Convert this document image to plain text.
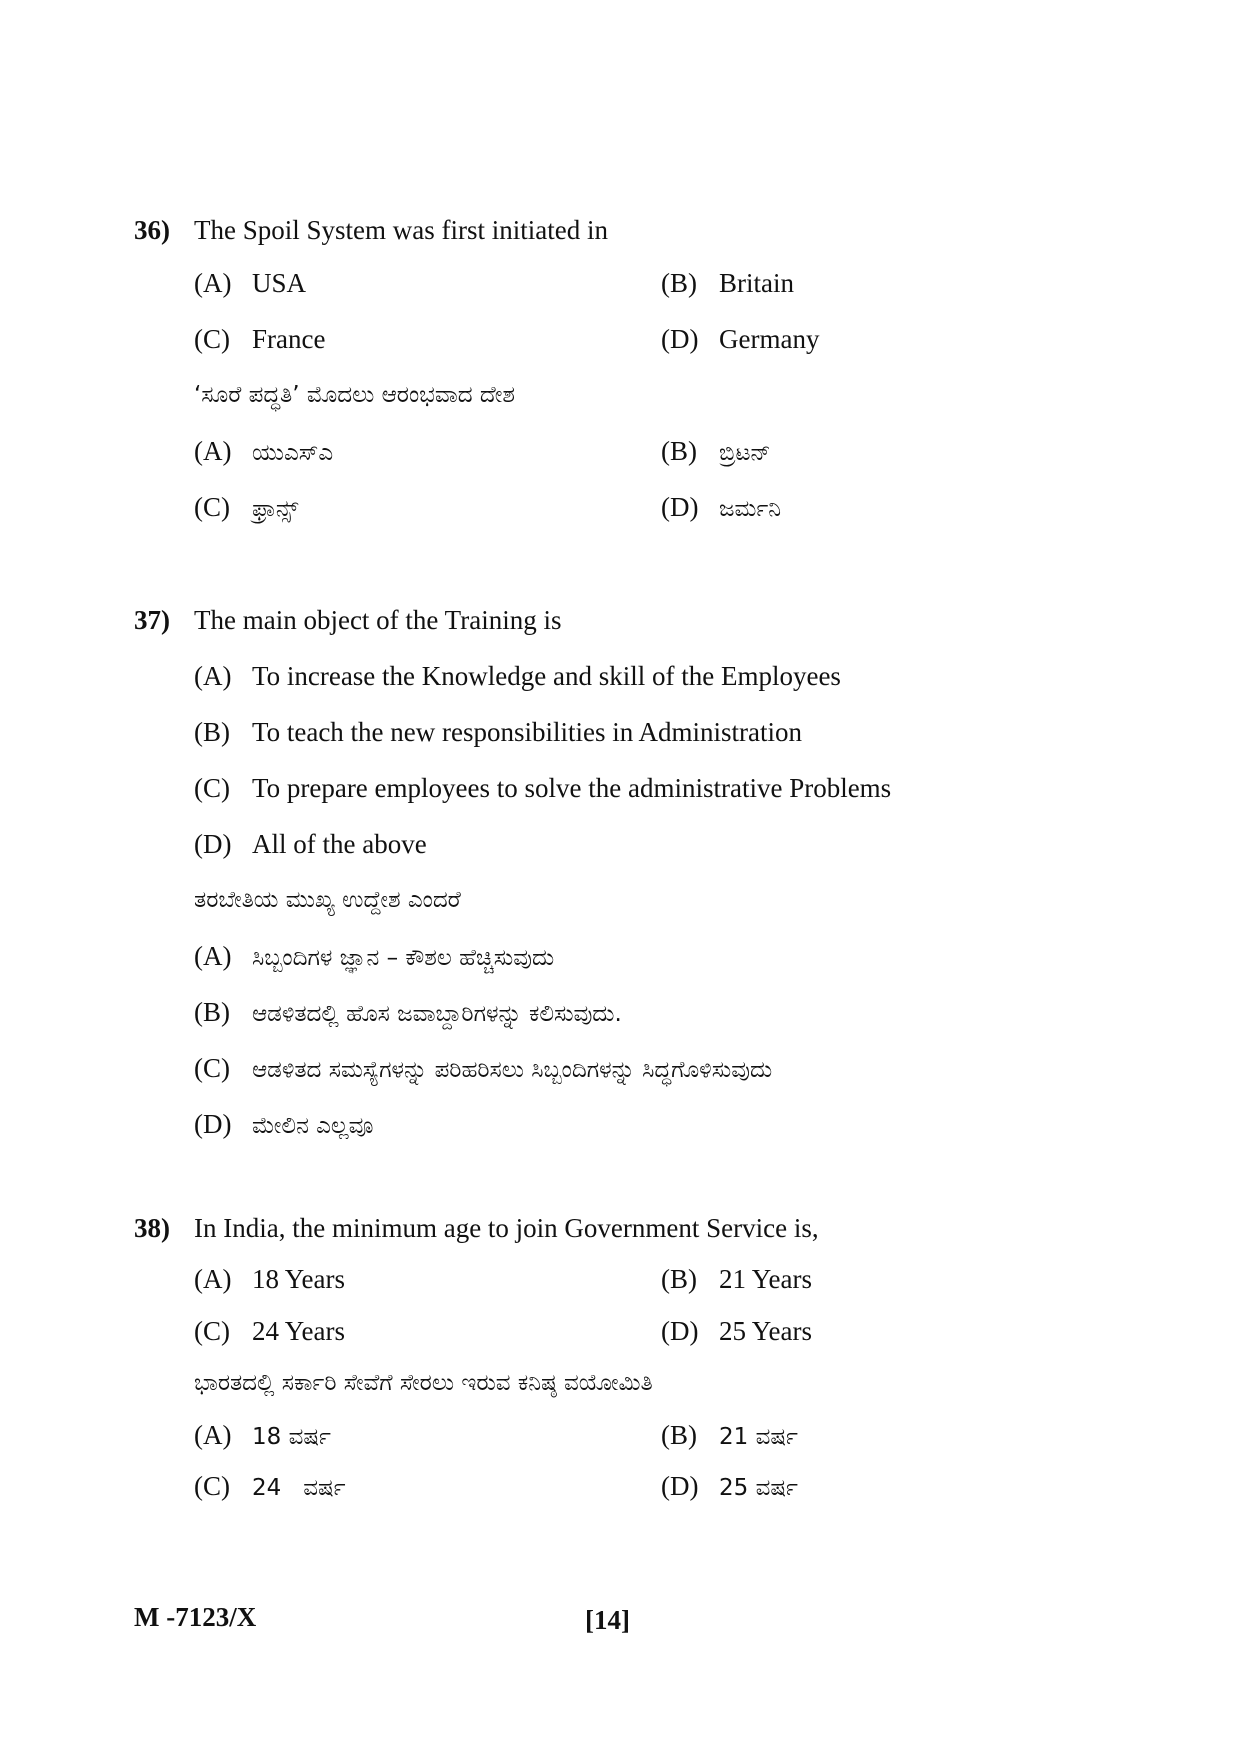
36) The Spoil System was first initiated in
(A) USA	(B) Britain
(C) France	(D) Germany
‘ಸೂರೆ ಪದ್ಧತಿ’ ಮೊದಲು ಆರಂಭವಾದ ದೇಶ
(A) ಯುಎಸ್‌ಎ	(B) ಬ್ರಿಟನ್
(C) ಫ್ರಾನ್ಸ್	(D) ಜರ್ಮನಿ
37) The main object of the Training is
(A) To increase the Knowledge and skill of the Employees
(B) To teach the new responsibilities in Administration
(C) To prepare employees to solve the administrative Problems
(D) All of the above
ತರಬೇತಿಯ ಮುಖ್ಯ ಉದ್ದೇಶ ಎಂದರೆ
(A) ಸಿಬ್ಬಂದಿಗಳ ಜ್ಞಾನ – ಕೌಶಲ ಹೆಚ್ಚಿಸುವುದು
(B) ಆಡಳಿತದಲ್ಲಿ ಹೊಸ ಜವಾಬ್ದಾರಿಗಳನ್ನು ಕಲಿಸುವುದು.
(C) ಆಡಳಿತದ ಸಮಸ್ಯೆಗಳನ್ನು ಪರಿಹರಿಸಲು ಸಿಬ್ಬಂದಿಗಳನ್ನು ಸಿದ್ಧಗೊಳಿಸುವುದು
(D) ಮೇಲಿನ ಎಲ್ಲವೂ
38) In India, the minimum age to join Government Service is,
(A) 18 Years	(B) 21 Years
(C) 24 Years	(D) 25 Years
ಭಾರತದಲ್ಲಿ ಸರ್ಕಾರಿ ಸೇವೆಗೆ ಸೇರಲು ಇರುವ ಕನಿಷ್ಠ ವಯೋಮಿತಿ
(A) 18 ವರ್ಷ	(B) 21 ವರ್ಷ
(C) 24   ವರ್ಷ	(D) 25 ವರ್ಷ
M -7123/X	[14]
